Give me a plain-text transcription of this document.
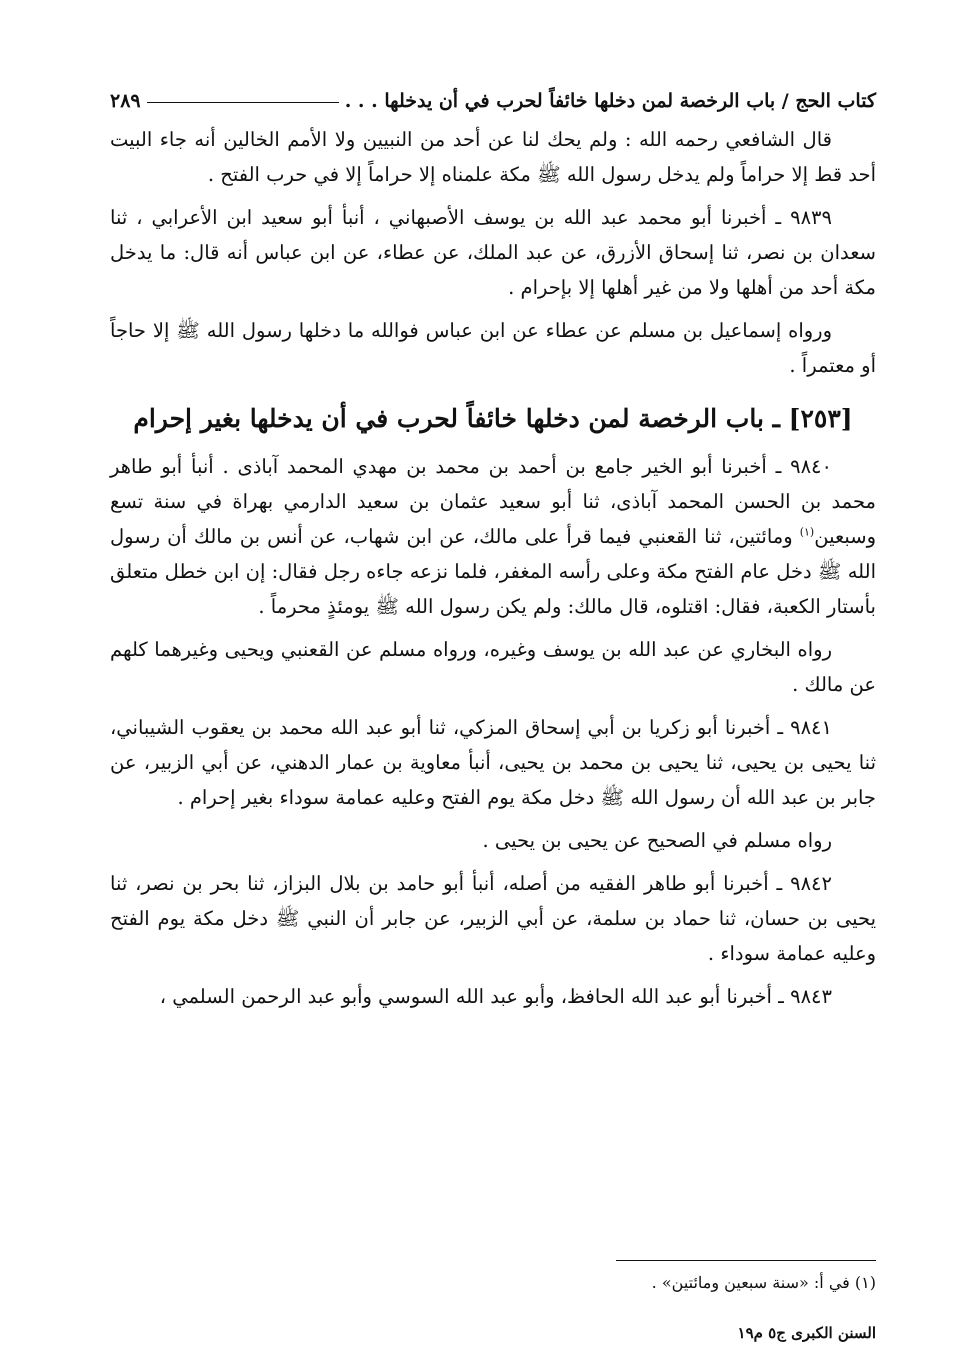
كتاب الحج / باب الرخصة لمن دخلها خائفاً لحرب في أن يدخلها . . .
٢٨٩

قال الشافعي رحمه الله : ولم يحك لنا عن أحد من النبيين ولا الأمم الخالين أنه جاء البيت أحد قط إلا حراماً ولم يدخل رسول الله ﷺ مكة علمناه إلا حراماً إلا في حرب الفتح .

٩٨٣٩ ـ أخبرنا أبو محمد عبد الله بن يوسف الأصبهاني ، أنبأ أبو سعيد ابن الأعرابي ، ثنا سعدان بن نصر، ثنا إسحاق الأزرق، عن عبد الملك، عن عطاء، عن ابن عباس أنه قال: ما يدخل مكة أحد من أهلها ولا من غير أهلها إلا بإحرام .

ورواه إسماعيل بن مسلم عن عطاء عن ابن عباس فوالله ما دخلها رسول الله ﷺ إلا حاجاً أو معتمراً .

[٢٥٣] ـ باب الرخصة لمن دخلها خائفاً لحرب في أن يدخلها بغير إحرام

٩٨٤٠ ـ أخبرنا أبو الخير جامع بن أحمد بن محمد بن مهدي المحمد آباذى . أنبأ أبو طاهر محمد بن الحسن المحمد آباذى، ثنا أبو سعيد عثمان بن سعيد الدارمي بهراة في سنة تسع وسبعين$^{(١)}$ ومائتين، ثنا القعنبي فيما قرأ على مالك، عن ابن شهاب، عن أنس بن مالك أن رسول الله ﷺ دخل عام الفتح مكة وعلى رأسه المغفر، فلما نزعه جاءه رجل فقال: إن ابن خطل متعلق بأستار الكعبة، فقال: اقتلوه، قال مالك: ولم يكن رسول الله ﷺ يومئذٍ محرماً .

رواه البخاري عن عبد الله بن يوسف وغيره، ورواه مسلم عن القعنبي ويحيى وغيرهما كلهم عن مالك .

٩٨٤١ ـ أخبرنا أبو زكريا بن أبي إسحاق المزكي، ثنا أبو عبد الله محمد بن يعقوب الشيباني، ثنا يحيى بن يحيى، ثنا يحيى بن محمد بن يحيى، أنبأ معاوية بن عمار الدهني، عن أبي الزبير، عن جابر بن عبد الله أن رسول الله ﷺ دخل مكة يوم الفتح وعليه عمامة سوداء بغير إحرام .

رواه مسلم في الصحيح عن يحيى بن يحيى .

٩٨٤٢ ـ أخبرنا أبو طاهر الفقيه من أصله، أنبأ أبو حامد بن بلال البزاز، ثنا بحر بن نصر، ثنا يحيى بن حسان، ثنا حماد بن سلمة، عن أبي الزبير، عن جابر أن النبي ﷺ دخل مكة يوم الفتح وعليه عمامة سوداء .

٩٨٤٣ ـ أخبرنا أبو عبد الله الحافظ، وأبو عبد الله السوسي وأبو عبد الرحمن السلمي ،

(١) في أ: «سنة سبعين ومائتين» .
السنن الكبرى ج٥ م١٩
